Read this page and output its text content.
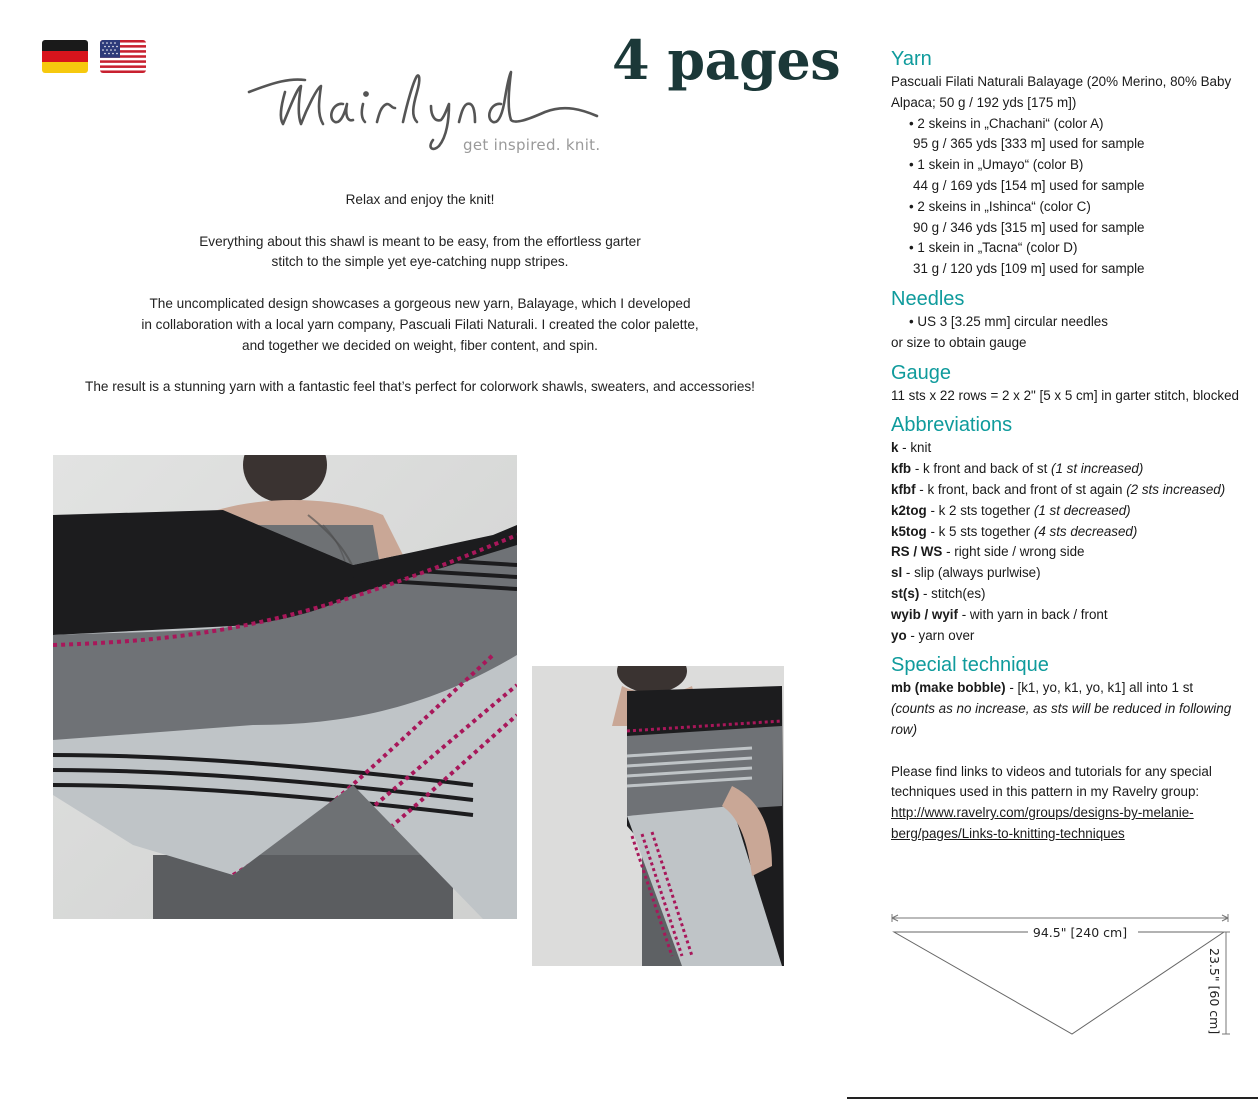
get inspired. knit.
4 pages

Relax and enjoy the knit!

Everything about this shawl is meant to be easy, from the effortless garter
stitch to the simple yet eye-catching nupp stripes.

The uncomplicated design showcases a gorgeous new yarn, Balayage, which I developed
in collaboration with a local yarn company, Pascuali Filati Naturali. I created the color palette,
and together we decided on weight, fiber content, and spin.

The result is a stunning yarn with a fantastic feel that’s perfect for colorwork shawls, sweaters, and accessories!

Yarn
Pascuali Filati Naturali Balayage (20% Merino, 80% Baby Alpaca; 50 g / 192 yds [175 m])
• 2 skeins in „Chachani“ (color A)
95 g / 365 yds [333 m] used for sample
• 1 skein in „Umayo“ (color B)
44 g / 169 yds [154 m] used for sample
• 2 skeins in „Ishinca“ (color C)
90 g / 346 yds [315 m] used for sample
• 1 skein in „Tacna“ (color D)
31 g / 120 yds [109 m] used for sample
Needles
• US 3 [3.25 mm] circular needles
or size to obtain gauge
Gauge
11 sts x 22 rows = 2 x 2" [5 x 5 cm] in garter stitch, blocked
Abbreviations
k - knit
kfb - k front and back of st (1 st increased)
kfbf - k front, back and front of st again (2 sts increased)
k2tog - k 2 sts together (1 st decreased)
k5tog - k 5 sts together (4 sts decreased)
RS / WS - right side / wrong side
sl - slip (always purlwise)
st(s) - stitch(es)
wyib / wyif - with yarn in back / front
yo - yarn over
Special technique
mb (make bobble) - [k1, yo, k1, yo, k1] all into 1 st
(counts as no increase, as sts will be reduced in following row)
Please find links to videos and tutorials for any special techniques used in this pattern in my Ravelry group:
http://www.ravelry.com/groups/designs-by-melanie-
berg/pages/Links-to-knitting-techniques
94.5" [240 cm]
23.5" [60 cm]
